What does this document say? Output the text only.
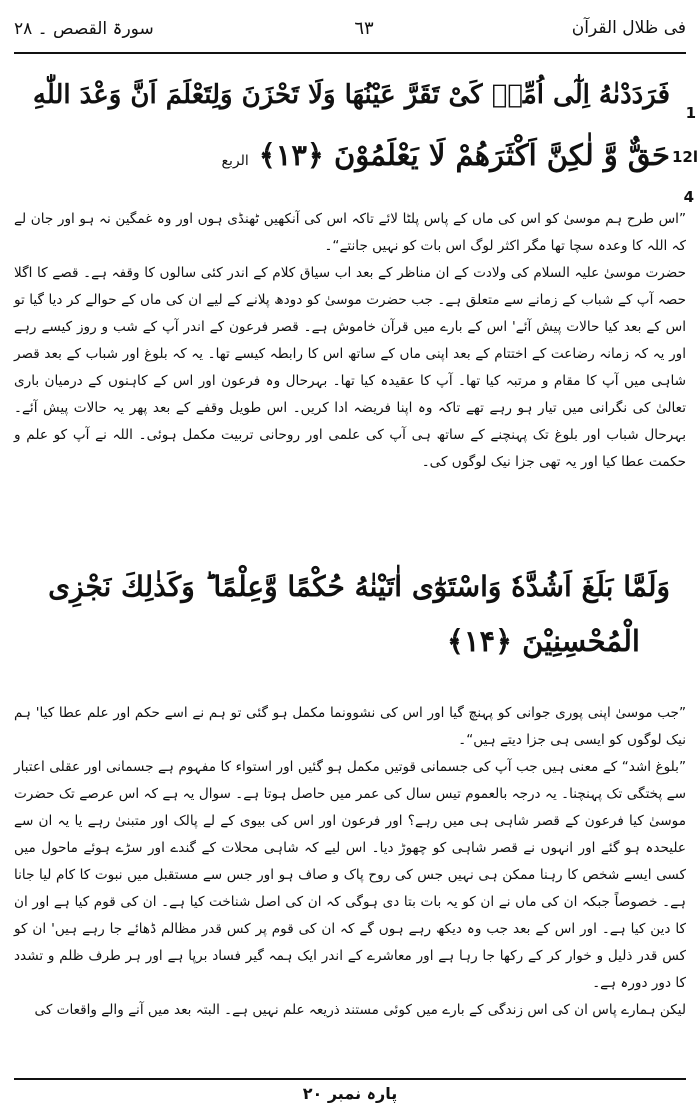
سورۃ القصص ۔ ٢٨	٦٣	فی ظلال القرآن
1
12ا
4
فَرَدَدْنٰهُ اِلٰٓى اُمِّهٖ كَیْ تَقَرَّ عَیْنُهَا وَلَا تَحْزَنَ وَلِتَعْلَمَ اَنَّ وَعْدَ اللّٰهِ
حَقٌّ وَّ لٰكِنَّ اَكْثَرَهُمْ لَا یَعْلَمُوْنَ ﴿۱۳﴾الربع

”اس طرح ہم موسیٰ کو اس کی ماں کے پاس پلٹا لائے تاکہ اس کی آنکھیں ٹھنڈی ہوں اور وہ غمگین نہ ہو اور جان لے کہ اللہ کا وعدہ سچا تھا مگر اکثر لوگ اس بات کو نہیں جانتے“۔

حضرت موسیٰ علیہ السلام کی ولادت کے ان مناظر کے بعد اب سیاق کلام کے اندر کئی سالوں کا وقفہ ہے۔ قصے کا اگلا حصہ آپ کے شباب کے زمانے سے متعلق ہے۔ جب حضرت موسیٰ کو دودھ پلانے کے لیے ان کی ماں کے حوالے کر دیا گیا تو اس کے بعد کیا حالات پیش آئے' اس کے بارے میں قرآن خاموش ہے۔ قصر فرعون کے اندر آپ کے شب و روز کیسے رہے اور یہ کہ زمانہ رضاعت کے اختتام کے بعد اپنی ماں کے ساتھ اس کا رابطہ کیسے تھا۔ یہ کہ بلوغ اور شباب کے بعد قصر شاہی میں آپ کا مقام و مرتبہ کیا تھا۔ آپ کا عقیدہ کیا تھا۔ بہرحال وہ فرعون اور اس کے کاہنوں کے درمیان باری تعالیٰ کی نگرانی میں تیار ہو رہے تھے تاکہ وہ اپنا فریضہ ادا کریں۔ اس طویل وقفے کے بعد پھر یہ حالات پیش آئے۔ بہرحال شباب اور بلوغ تک پہنچنے کے ساتھ ہی آپ کی علمی اور روحانی تربیت مکمل ہوئی۔ اللہ نے آپ کو علم و حکمت عطا کیا اور یہ تھی جزا نیک لوگوں کی۔

وَلَمَّا بَلَغَ اَشُدَّهٗ وَاسْتَوٰٓى اٰتَیْنٰهُ حُكْمًا وَّعِلْمًا ؕ وَكَذٰلِكَ نَجْزِی
الْمُحْسِنِیْنَ ﴿۱۴﴾

”جب موسیٰ اپنی پوری جوانی کو پہنچ گیا اور اس کی نشوونما مکمل ہو گئی تو ہم نے اسے حکم اور علم عطا کیا' ہم نیک لوگوں کو ایسی ہی جزا دیتے ہیں“۔

”بلوغ اشد“ کے معنی ہیں جب آپ کی جسمانی قوتیں مکمل ہو گئیں اور استواء کا مفہوم ہے جسمانی اور عقلی اعتبار سے پختگی تک پہنچنا۔ یہ درجہ بالعموم تیس سال کی عمر میں حاصل ہوتا ہے۔ سوال یہ ہے کہ اس عرصے تک حضرت موسیٰ کیا فرعون کے قصر شاہی ہی میں رہے؟ اور فرعون اور اس کی بیوی کے لے پالک اور متبنیٰ رہے یا یہ ان سے علیحدہ ہو گئے اور انہوں نے قصر شاہی کو چھوڑ دیا۔ اس لیے کہ شاہی محلات کے گندے اور سڑے ہوئے ماحول میں کسی ایسے شخص کا رہنا ممکن ہی نہیں جس کی روح پاک و صاف ہو اور جس سے مستقبل میں نبوت کا کام لیا جانا ہے۔ خصوصاً جبکہ ان کی ماں نے ان کو یہ بات بتا دی ہوگی کہ ان کی اصل شناخت کیا ہے۔ ان کی قوم کیا ہے اور ان کا دین کیا ہے۔ اور اس کے بعد جب وہ دیکھ رہے ہوں گے کہ ان کی قوم پر کس قدر مظالم ڈھائے جا رہے ہیں' ان کو کس قدر ذلیل و خوار کر کے رکھا جا رہا ہے اور معاشرے کے اندر ایک ہمہ گیر فساد برپا ہے اور ہر طرف ظلم و تشدد کا دور دورہ ہے۔

لیکن ہمارے پاس ان کی اس زندگی کے بارے میں کوئی مستند ذریعہ علم نہیں ہے۔ البتہ بعد میں آنے والے واقعات کی

پارہ نمبر ٢٠
